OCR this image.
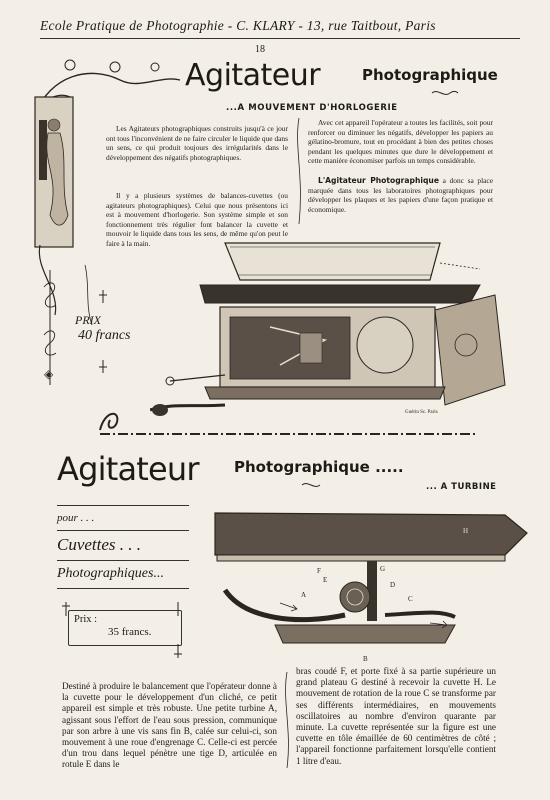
Ecole Pratique de Photographie - C. KLARY - 13, rue Taitbout, Paris
18
◈
Agitateur	Photographique
...A MOUVEMENT D'HORLOGERIE
Les Agitateurs photographiques construits jusqu'à ce jour ont tous l'inconvénient de ne faire circuler le liquide que dans un sens, ce qui produit toujours des irrégularités dans le développement des négatifs photographiques.
Il y a plusieurs systèmes de balances-cuvettes (ou agitateurs photographiques). Celui que nous présentons ici est à mouvement d'horlogerie. Son système simple et son fonctionnement très régulier font balancer la cuvette et mouvoir le liquide dans tous les sens, de même qu'on peut le faire à la main.
Avec cet appareil l'opérateur a toutes les facilités, soit pour renforcer ou diminuer les négatifs, développer les papiers au gélatino-bromure, tout en procédant à bien des petites choses pendant les quelques minutes que dure le développement et cette manière économiser parfois un temps considérable.
L'Agitateur Photographique a donc sa place marquée dans tous les laboratoires photographiques pour développer les plaques et les papiers d'une façon pratique et économique.
PRIX
40 francs
Guérin Sc. Paris
Agitateur Photographique .....
... A TURBINE
pour . . .
Cuvettes . . .
Photographiques...
Prix :
35 francs.
H
F	G
E
D
A	C
B
Destiné à produire le balancement que l'opérateur donne à la cuvette pour le développement d'un cliché, ce petit appareil est simple et très robuste. Une petite turbine A, agissant sous l'effort de l'eau sous pression, communique par son arbre à une vis sans fin B, calée sur celui-ci, son mouvement à une roue d'engrenage C. Celle-ci est percée d'un trou dans lequel pénètre une tige D, articulée en rotule E dans le
bras coudé F, et porte fixé à sa partie supérieure un grand plateau G destiné à recevoir la cuvette H. Le mouvement de rotation de la roue C se transforme par ses différents intermédiaires, en mouvements oscillatoires au nombre d'environ quarante par minute. La cuvette représentée sur la figure est une cuvette en tôle émaillée de 60 centimètres de côté ; l'appareil fonctionne parfaitement lorsqu'elle contient 1 litre d'eau.
